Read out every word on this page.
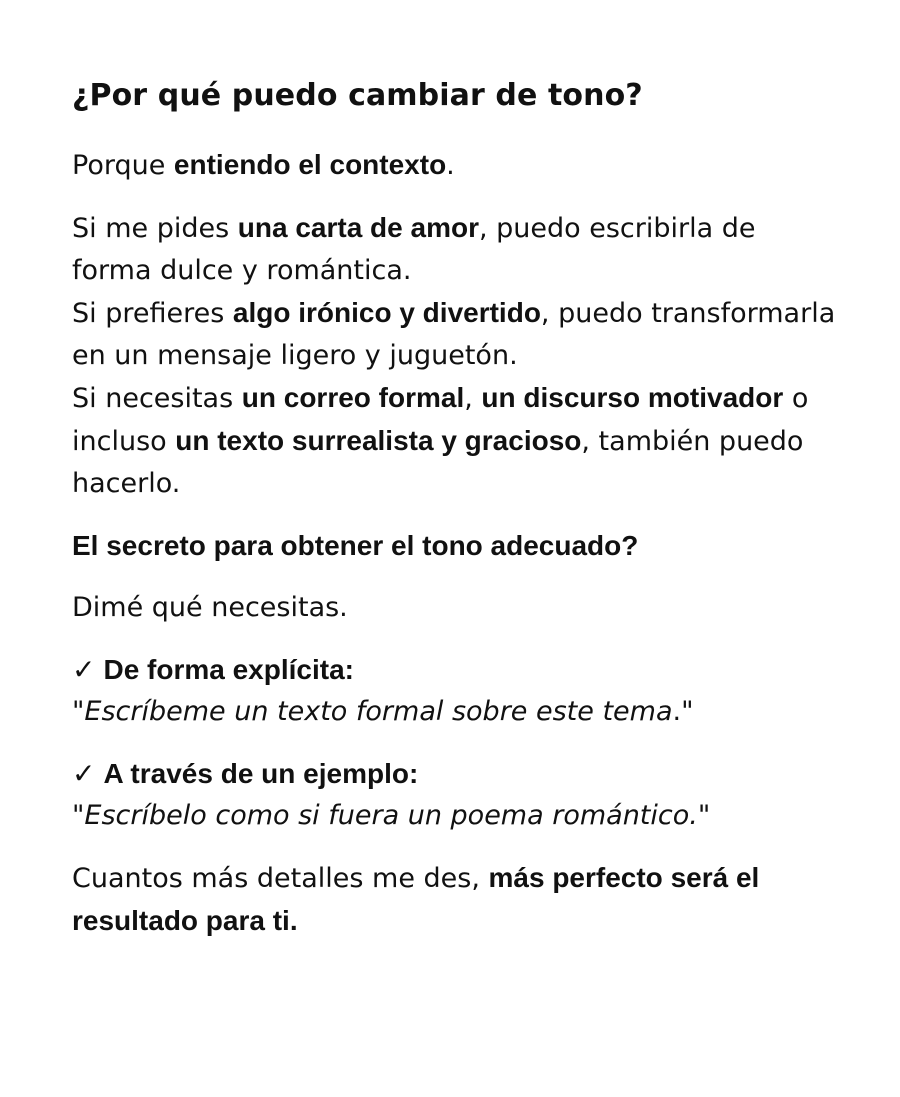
¿Por qué puedo cambiar de tono?

Porque entiendo el contexto.

Si me pides una carta de amor, puedo escribirla de forma dulce y romántica.
Si prefieres algo irónico y divertido, puedo transformarla en un mensaje ligero y juguetón.
Si necesitas un correo formal, un discurso motivador o incluso un texto surrealista y gracioso, también puedo hacerlo.

El secreto para obtener el tono adecuado?

Dimé qué necesitas.

✓ De forma explícita:

"Escríbeme un texto formal sobre este tema."

✓ A través de un ejemplo:

"Escríbelo como si fuera un poema romántico."

Cuantos más detalles me des, más perfecto será el resultado para ti.
